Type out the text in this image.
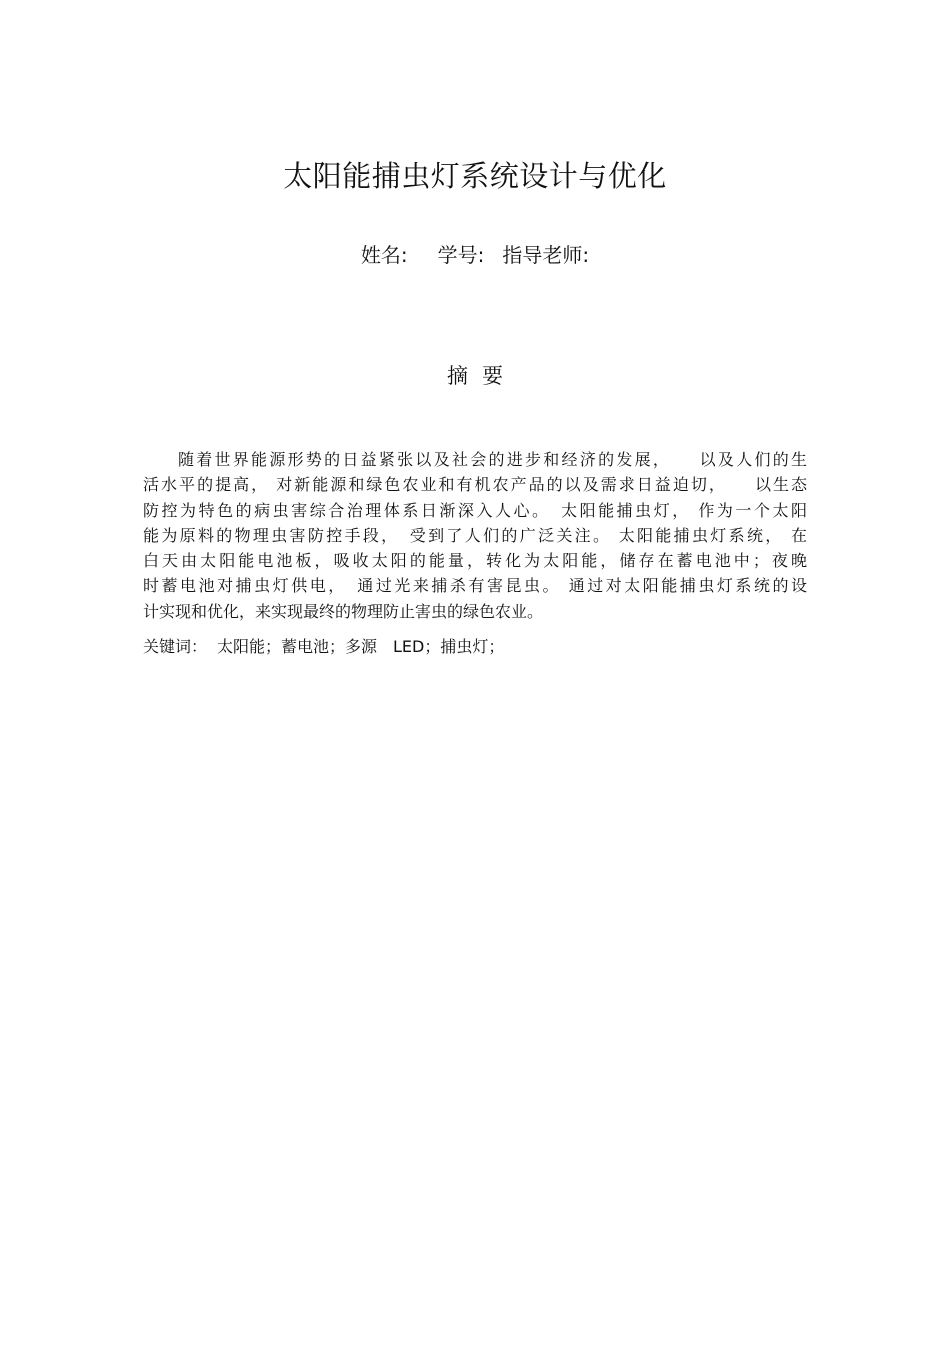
太阳能捕虫灯系统设计与优化
姓名: 学号: 指导老师:
摘要
随着世界能源形势的日益紧张以及社会的进步和经济的发展，　　以及人们的生
活水平的提高， 对新能源和绿色农业和有机农产品的以及需求日益迫切，　　以生态
防控为特色的病虫害综合治理体系日渐深入人心。　太阳能捕虫灯， 作为一个太阳
能为原料的物理虫害防控手段，　受到了人们的广泛关注。 太阳能捕虫灯系统， 在
白天由太阳能电池板，吸收太阳的能量，转化为太阳能，储存在蓄电池中；夜晚
时蓄电池对捕虫灯供电，　通过光来捕杀有害昆虫。 通过对太阳能捕虫灯系统的设
计实现和优化，来实现最终的物理防止害虫的绿色农业。
关键词： 太阳能；蓄电池；多源　LED；捕虫灯；
